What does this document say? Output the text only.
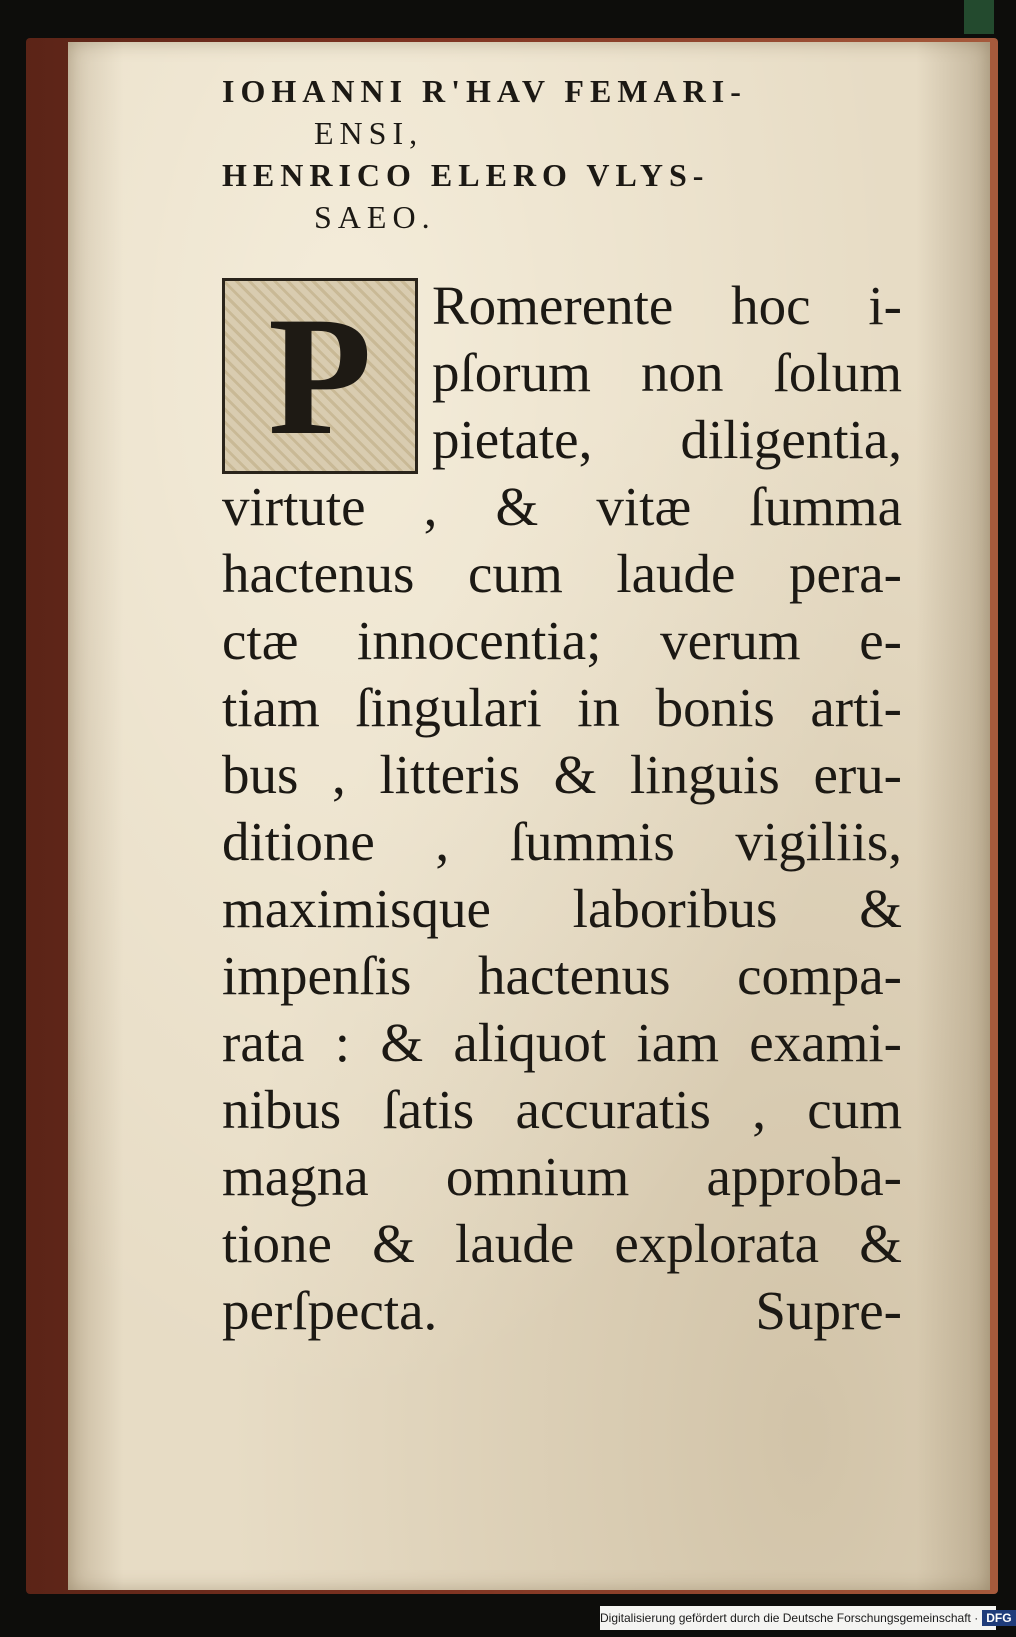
IOHANNI R'HAV FEMARI-

ENSI,

HENRICO ELERO VLYS-

SAEO.

P	Romerente hoc i-

pſorum non ſolum

pietate, diligentia,

virtute , & vitæ ſumma

hactenus cum laude pera-

ctæ innocentia; verum e-

tiam ſingulari in bonis arti-

bus , litteris & linguis eru-

ditione , ſummis vigiliis,

maximisque laboribus &

impenſis hactenus compa-

rata : & aliquot iam exami-

nibus ſatis accuratis , cum

magna omnium approba-

tione & laude explorata &

perſpecta.	Supre-

Digitalisierung gefördert durch die Deutsche Forschungsgemeinschaft · DFG
